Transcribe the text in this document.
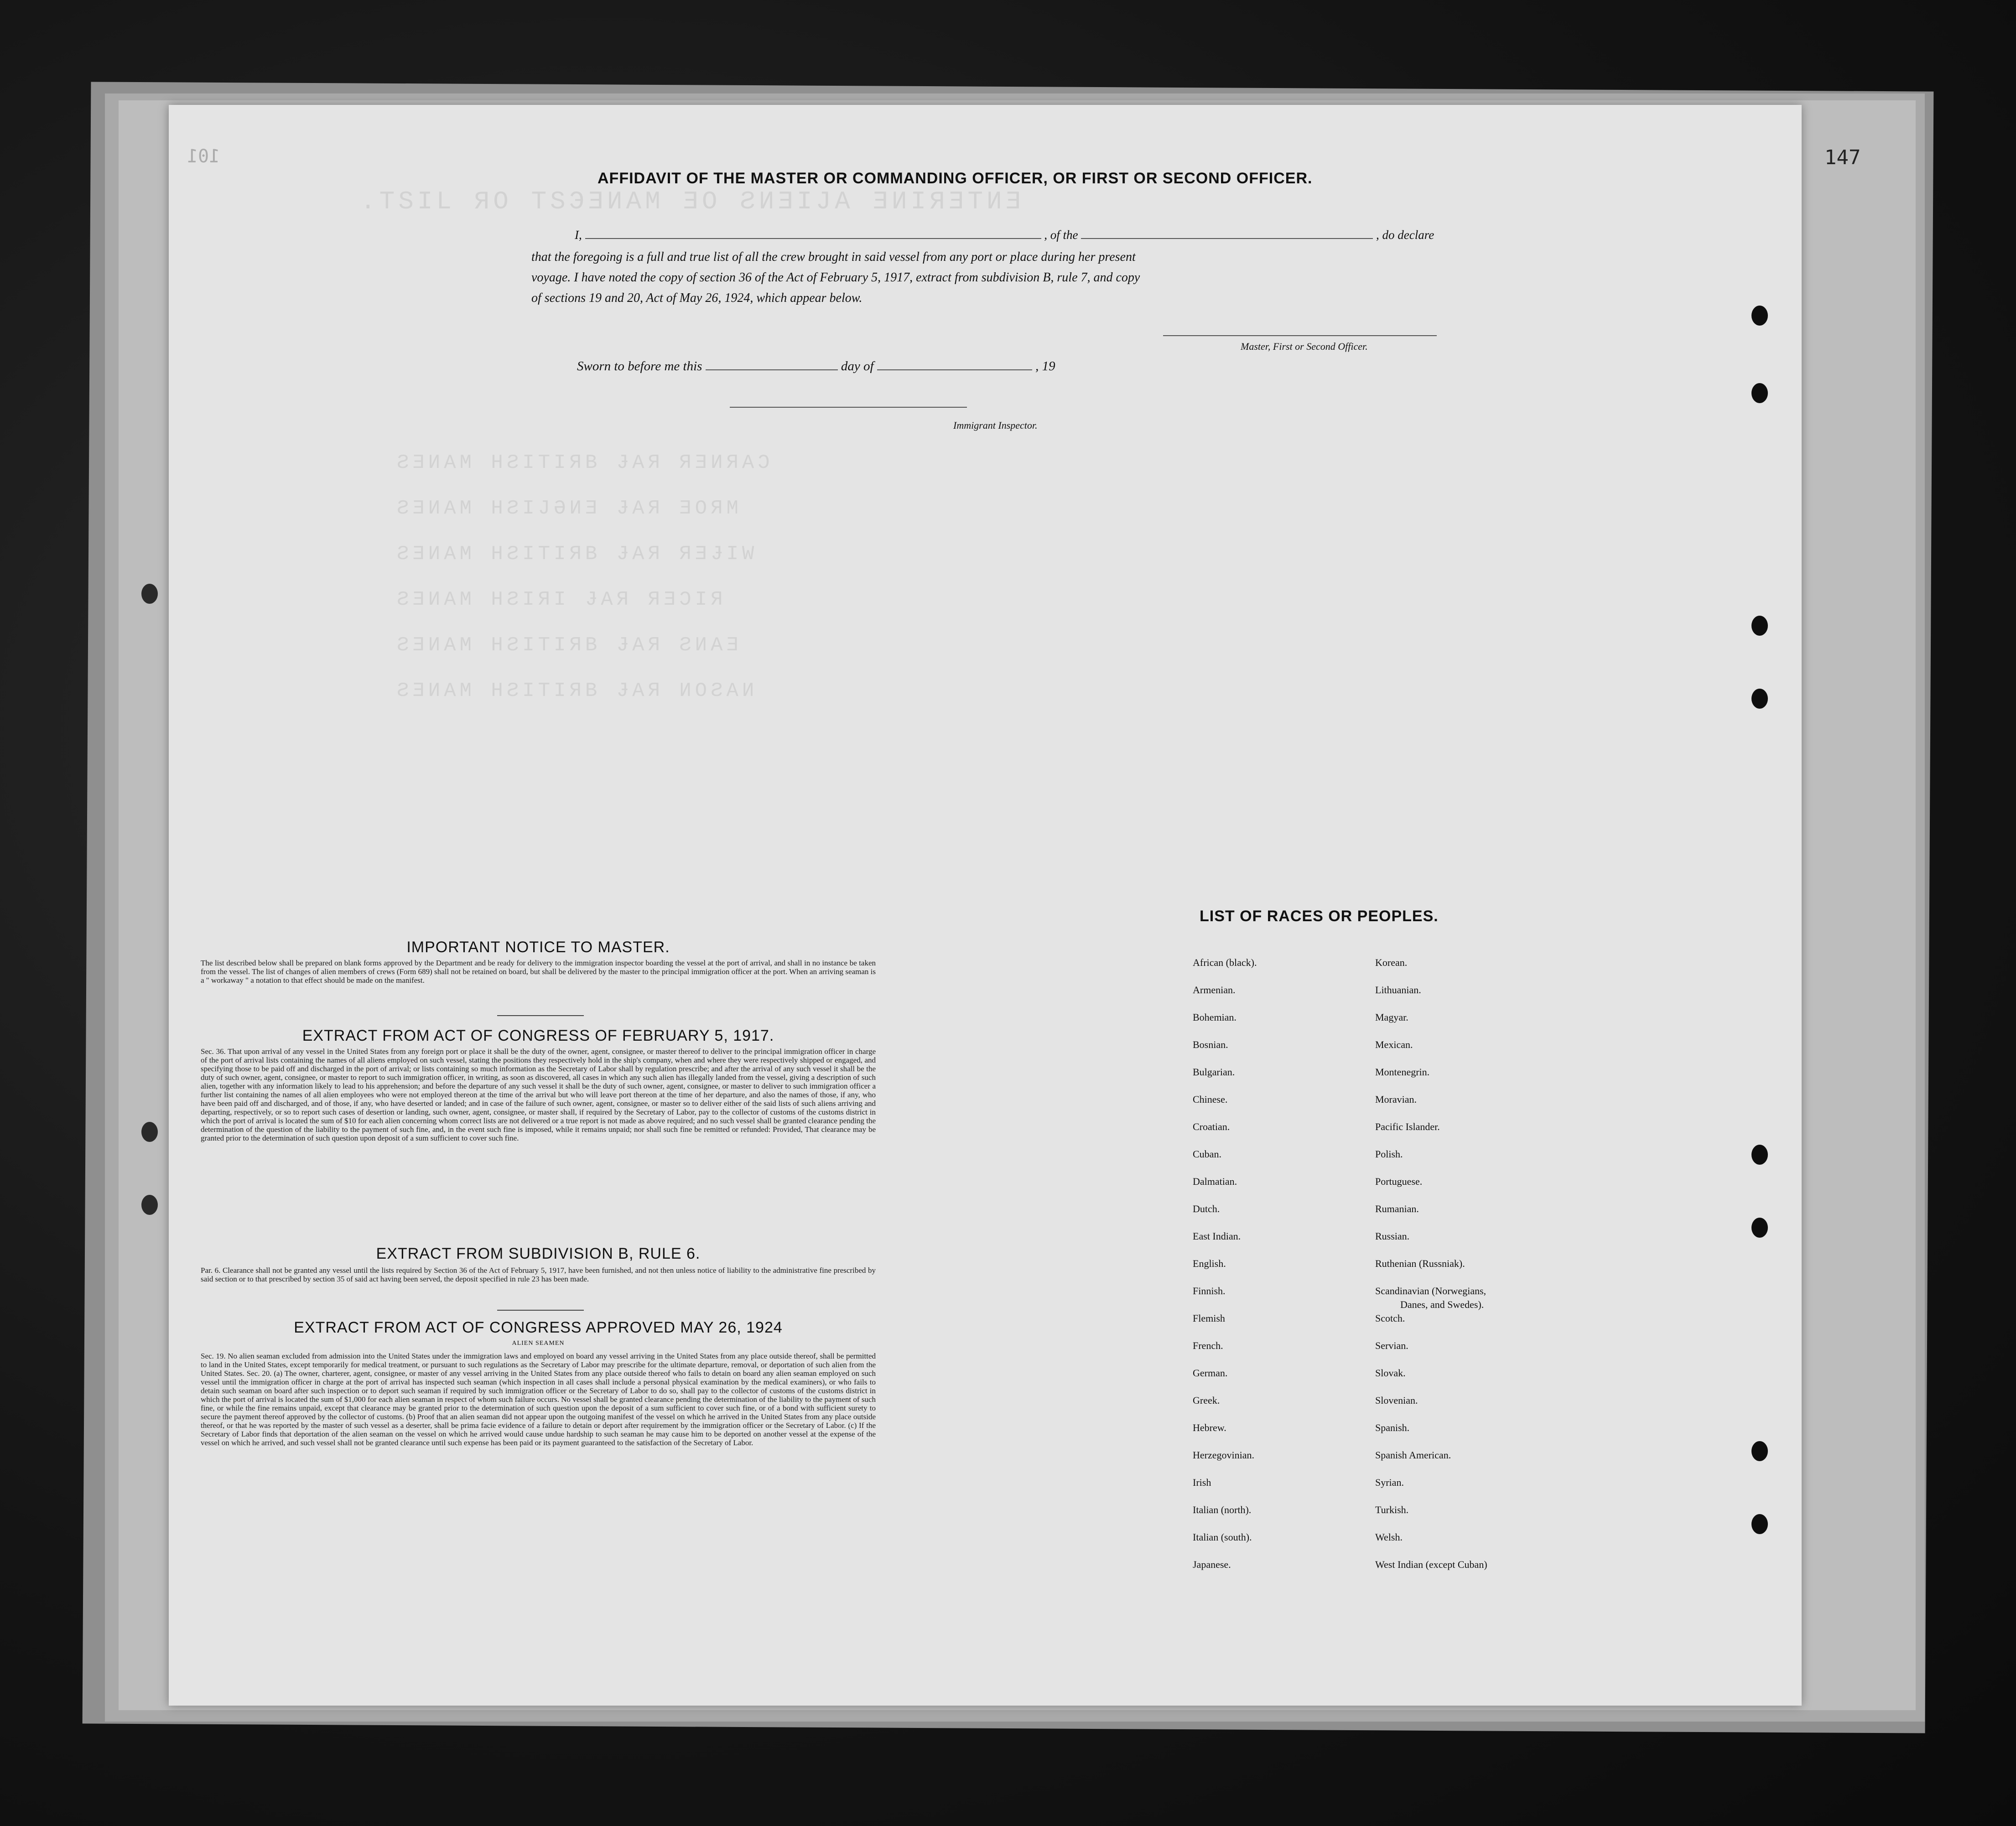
.TSIL ЯO ТЅЭƎИAМ ƎO ƧИƎIJA ƎИIЯƎТИƎ
ƧƎИАМ НƧIТIЯВ ɈАЯ ЯƎИЯАƆ
ƧƎИАМ НƧIJӘИƎ ɈАЯ ƎОЯМ
ƧƎИАМ НƧIТIЯВ ɈАЯ ЯƎɈIW
ƧƎИАМ НƧIЯI ɈАЯ ЯƎƆIЯ
ƧƎИАМ НƧIТIЯВ ɈАЯ ƧИАƎ
ƧƎИАМ НƧIТIЯВ ɈАЯ ИОƧАИ
101
AFFIDAVIT OF THE MASTER OR COMMANDING OFFICER, OR FIRST OR SECOND OFFICER.
I,	, of the	, do declare
that the foregoing is a full and true list of all the crew brought in said vessel from any port or place during her present
voyage. I have noted the copy of section 36 of the Act of February 5, 1917, extract from subdivision B, rule 7, and copy
of sections 19 and 20, Act of May 26, 1924, which appear below.
Master, First or Second Officer.
Sworn to before me this	day of	, 19
Immigrant Inspector.
IMPORTANT NOTICE TO MASTER.
The list described below shall be prepared on blank forms approved by the Department and be ready for delivery to the immigration inspector boarding the vessel at the port of arrival, and shall in no instance be taken from the vessel. The list of changes of alien members of crews (Form 689) shall not be retained on board, but shall be delivered by the master to the principal immigration officer at the port. When an arriving seaman is a " workaway " a notation to that effect should be made on the manifest.
EXTRACT FROM ACT OF CONGRESS OF FEBRUARY 5, 1917.
Sec. 36. That upon arrival of any vessel in the United States from any foreign port or place it shall be the duty of the owner, agent, consignee, or master thereof to deliver to the principal immigration officer in charge of the port of arrival lists containing the names of all aliens employed on such vessel, stating the positions they respectively hold in the ship's company, when and where they were respectively shipped or engaged, and specifying those to be paid off and discharged in the port of arrival; or lists containing so much information as the Secretary of Labor shall by regulation prescribe; and after the arrival of any such vessel it shall be the duty of such owner, agent, consignee, or master to report to such immigration officer, in writing, as soon as discovered, all cases in which any such alien has illegally landed from the vessel, giving a description of such alien, together with any information likely to lead to his apprehension; and before the departure of any such vessel it shall be the duty of such owner, agent, consignee, or master to deliver to such immigration officer a further list containing the names of all alien employees who were not employed thereon at the time of the arrival but who will leave port thereon at the time of her departure, and also the names of those, if any, who have been paid off and discharged, and of those, if any, who have deserted or landed; and in case of the failure of such owner, agent, consignee, or master so to deliver either of the said lists of such aliens arriving and departing, respectively, or so to report such cases of desertion or landing, such owner, agent, consignee, or master shall, if required by the Secretary of Labor, pay to the collector of customs of the customs district in which the port of arrival is located the sum of $10 for each alien concerning whom correct lists are not delivered or a true report is not made as above required; and no such vessel shall be granted clearance pending the determination of the question of the liability to the payment of such fine, and, in the event such fine is imposed, while it remains unpaid; nor shall such fine be remitted or refunded: Provided, That clearance may be granted prior to the determination of such question upon deposit of a sum sufficient to cover such fine.
EXTRACT FROM SUBDIVISION B, RULE 6.
Par. 6. Clearance shall not be granted any vessel until the lists required by Section 36 of the Act of February 5, 1917, have been furnished, and not then unless notice of liability to the administrative fine prescribed by said section or to that prescribed by section 35 of said act having been served, the deposit specified in rule 23 has been made.
EXTRACT FROM ACT OF CONGRESS APPROVED MAY 26, 1924
ALIEN SEAMEN
Sec. 19. No alien seaman excluded from admission into the United States under the immigration laws and employed on board any vessel arriving in the United States from any place outside thereof, shall be permitted to land in the United States, except temporarily for medical treatment, or pursuant to such regulations as the Secretary of Labor may prescribe for the ultimate departure, removal, or deportation of such alien from the United States. Sec. 20. (a) The owner, charterer, agent, consignee, or master of any vessel arriving in the United States from any place outside thereof who fails to detain on board any alien seaman employed on such vessel until the immigration officer in charge at the port of arrival has inspected such seaman (which inspection in all cases shall include a personal physical examination by the medical examiners), or who fails to detain such seaman on board after such inspection or to deport such seaman if required by such immigration officer or the Secretary of Labor to do so, shall pay to the collector of customs of the customs district in which the port of arrival is located the sum of $1,000 for each alien seaman in respect of whom such failure occurs. No vessel shall be granted clearance pending the determination of the liability to the payment of such fine, or while the fine remains unpaid, except that clearance may be granted prior to the determination of such question upon the deposit of a sum sufficient to cover such fine, or of a bond with sufficient surety to secure the payment thereof approved by the collector of customs. (b) Proof that an alien seaman did not appear upon the outgoing manifest of the vessel on which he arrived in the United States from any place outside thereof, or that he was reported by the master of such vessel as a deserter, shall be prima facie evidence of a failure to detain or deport after requirement by the immigration officer or the Secretary of Labor. (c) If the Secretary of Labor finds that deportation of the alien seaman on the vessel on which he arrived would cause undue hardship to such seaman he may cause him to be deported on another vessel at the expense of the vessel on which he arrived, and such vessel shall not be granted clearance until such expense has been paid or its payment guaranteed to the satisfaction of the Secretary of Labor.
LIST OF RACES OR PEOPLES.
African (black).
Armenian.
Bohemian.
Bosnian.
Bulgarian.
Chinese.
Croatian.
Cuban.
Dalmatian.
Dutch.
East Indian.
English.
Finnish.
Flemish
French.
German.
Greek.
Hebrew.
Herzegovinian.
Irish
Italian (north).
Italian (south).
Japanese.
Korean.
Lithuanian.
Magyar.
Mexican.
Montenegrin.
Moravian.
Pacific Islander.
Polish.
Portuguese.
Rumanian.
Russian.
Ruthenian (Russniak).
Scandinavian (Norwegians,
Danes, and Swedes).
Scotch.
Servian.
Slovak.
Slovenian.
Spanish.
Spanish American.
Syrian.
Turkish.
Welsh.
West Indian (except Cuban)
147
